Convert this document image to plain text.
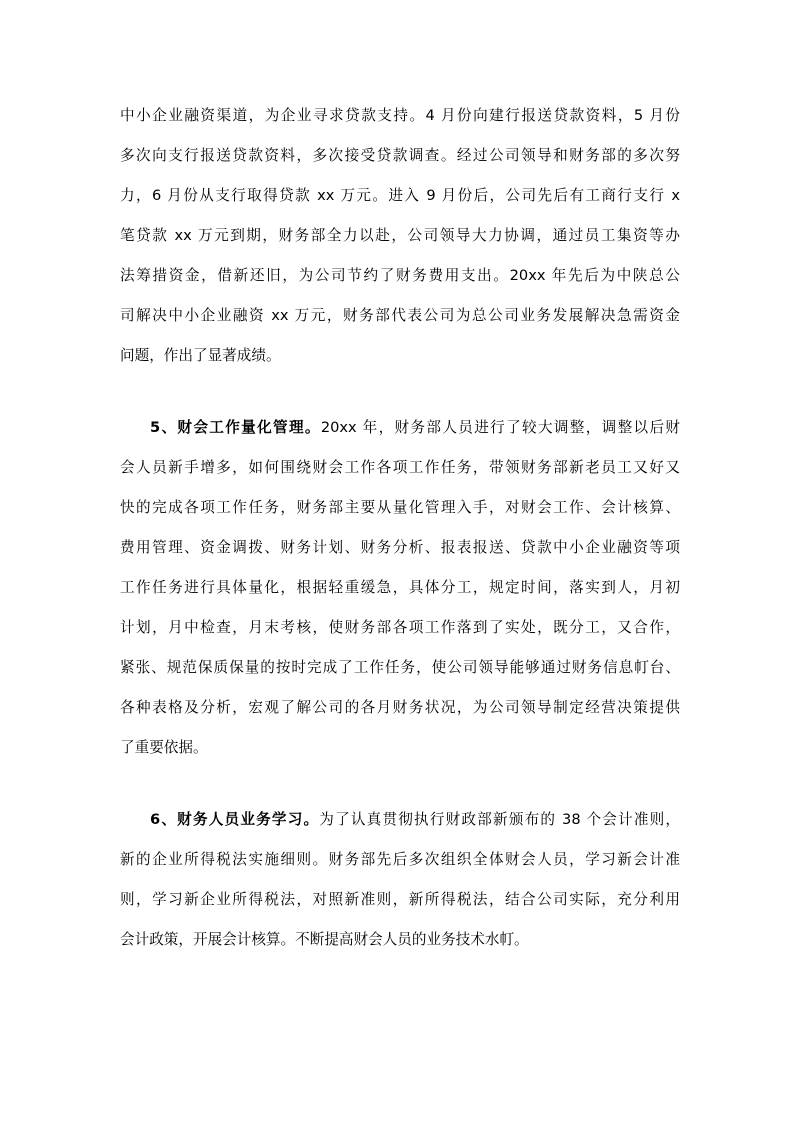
中小企业融资渠道，为企业寻求贷款支持。4 月份向建行报送贷款资料，5 月份
多次向支行报送贷款资料，多次接受贷款调查。经过公司领导和财务部的多次努
力，6 月份从支行取得贷款 xx 万元。进入 9 月份后，公司先后有工商行支行 x
笔贷款 xx 万元到期，财务部全力以赴，公司领导大力协调，通过员工集资等办
法筹措资金，借新还旧，为公司节约了财务费用支出。20xx 年先后为中陕总公
司解决中小企业融资 xx 万元，财务部代表公司为总公司业务发展解决急需资金
问题，作出了显著成绩。
5、财会工作量化管理。20xx 年，财务部人员进行了较大调整，调整以后财
会人员新手增多，如何围绕财会工作各项工作任务，带领财务部新老员工又好又
快的完成各项工作任务，财务部主要从量化管理入手，对财会工作、会计核算、
费用管理、资金调拨、财务计划、财务分析、报表报送、贷款中小企业融资等项
工作任务进行具体量化，根据轻重缓急，具体分工，规定时间，落实到人，月初
计划，月中检查，月末考核，使财务部各项工作落到了实处，既分工，又合作，
紧张、规范保质保量的按时完成了工作任务，使公司领导能够通过财务信息帄台、
各种表格及分析，宏观了解公司的各月财务状况，为公司领导制定经营决策提供
了重要依据。
6、财务人员业务学习。为了认真贯彻执行财政部新颁布的 38 个会计准则，
新的企业所得税法实施细则。财务部先后多次组织全体财会人员，学习新会计准
则，学习新企业所得税法，对照新准则，新所得税法，结合公司实际，充分利用
会计政策，开展会计核算。不断提高财会人员的业务技术水帄。
